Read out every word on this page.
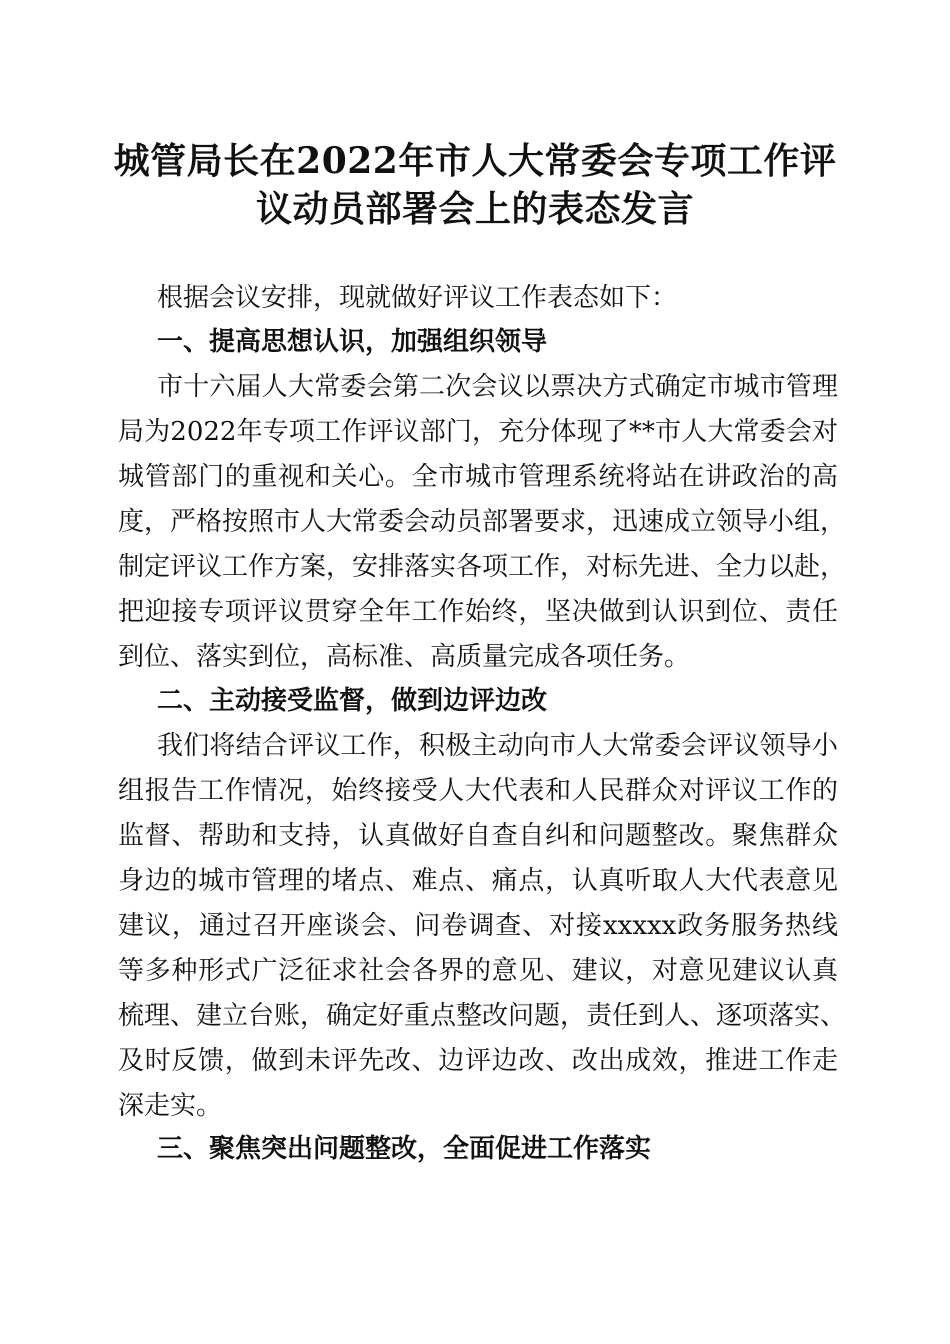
城管局长在2022年市人大常委会专项工作评
议动员部署会上的表态发言
根据会议安排，现就做好评议工作表态如下：
一、提高思想认识，加强组织领导
市十六届人大常委会第二次会议以票决方式确定市城市管理
局为2022年专项工作评议部门，充分体现了**市人大常委会对
城管部门的重视和关心。全市城市管理系统将站在讲政治的高
度，严格按照市人大常委会动员部署要求，迅速成立领导小组，
制定评议工作方案，安排落实各项工作，对标先进、全力以赴，
把迎接专项评议贯穿全年工作始终，坚决做到认识到位、责任
到位、落实到位，高标准、高质量完成各项任务。
二、主动接受监督，做到边评边改
我们将结合评议工作，积极主动向市人大常委会评议领导小
组报告工作情况，始终接受人大代表和人民群众对评议工作的
监督、帮助和支持，认真做好自查自纠和问题整改。聚焦群众
身边的城市管理的堵点、难点、痛点，认真听取人大代表意见
建议，通过召开座谈会、问卷调查、对接xxxxx政务服务热线
等多种形式广泛征求社会各界的意见、建议，对意见建议认真
梳理、建立台账，确定好重点整改问题，责任到人、逐项落实、
及时反馈，做到未评先改、边评边改、改出成效，推进工作走
深走实。
三、聚焦突出问题整改，全面促进工作落实
